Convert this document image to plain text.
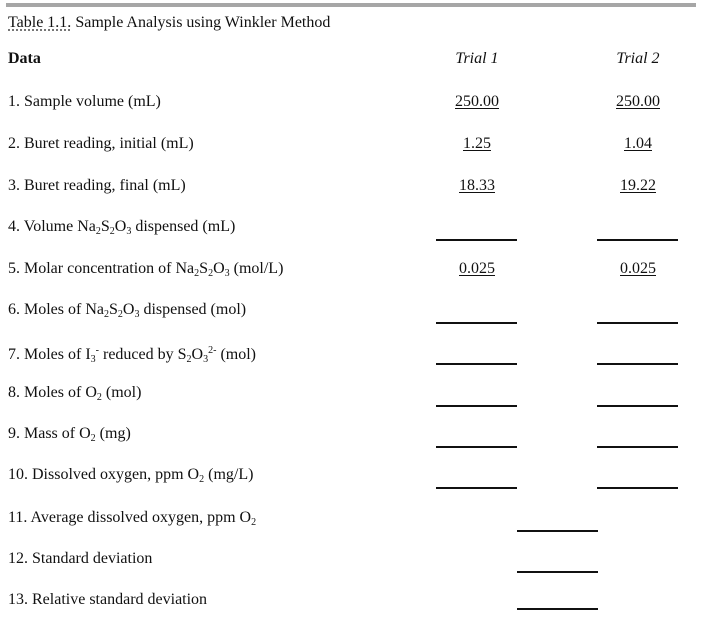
Table 1.1. Sample Analysis using Winkler Method
Data	Trial 1	Trial 2
1. Sample volume (mL)	250.00	250.00
2. Buret reading, initial (mL)	1.25	1.04
3. Buret reading, final (mL)	18.33	19.22
4. Volume $Na_2S_2O_3$ dispensed (mL)
5. Molar concentration of $Na_2S_2O_3$ (mol/L)	0.025	0.025
6. Moles of $Na_2S_2O_3$ dispensed (mol)
7. Moles of $I_3^-$ reduced by $S_2O_3^{2-}$ (mol)
8. Moles of $O_2$ (mol)
9. Mass of $O_2$ (mg)
10. Dissolved oxygen, ppm $O_2$ (mg/L)
11. Average dissolved oxygen, ppm $O_2$
12. Standard deviation
13. Relative standard deviation
